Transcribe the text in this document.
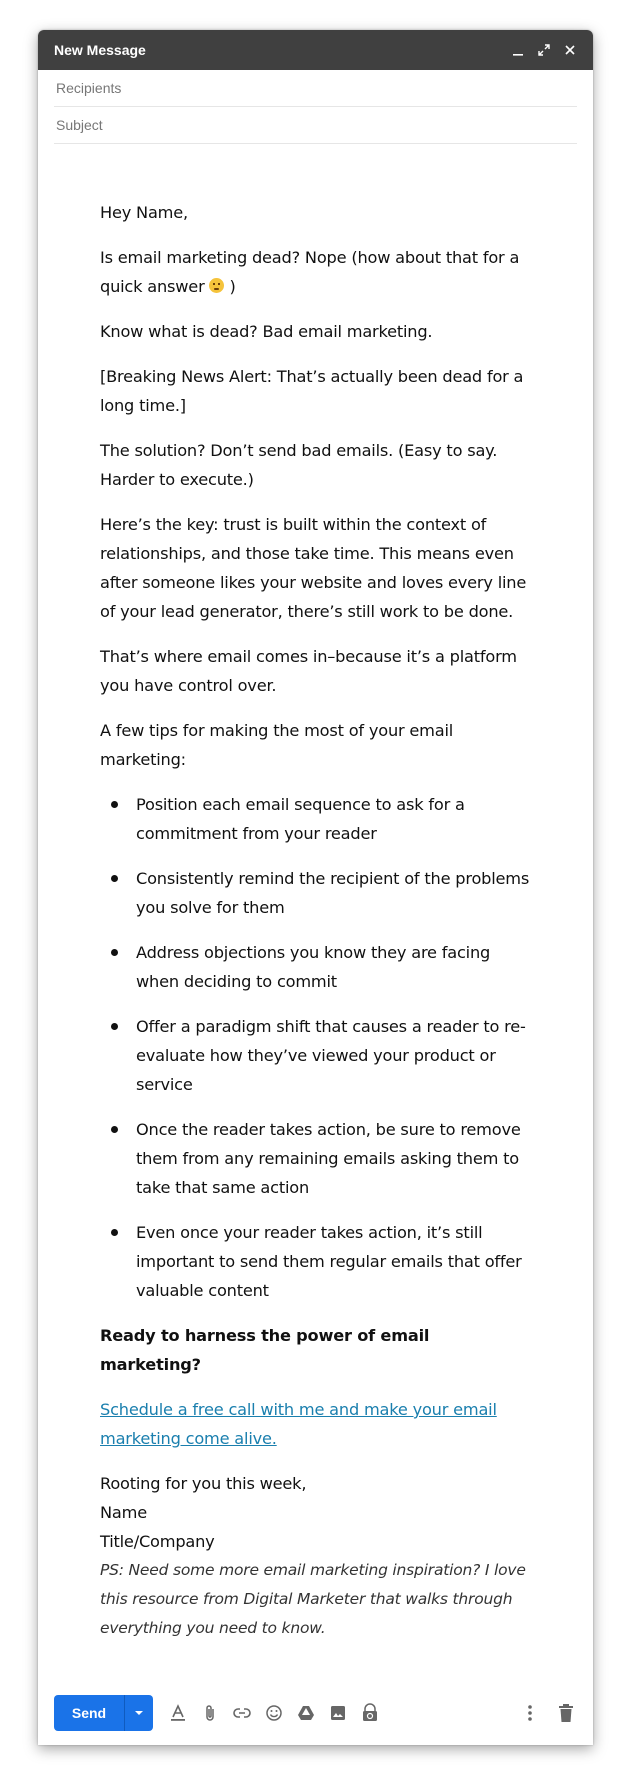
New Message
Recipients
Subject

Hey Name,

Is email marketing dead? Nope (how about that for a quick answer )

Know what is dead? Bad email marketing.

[Breaking News Alert: That’s actually been dead for a long time.]

The solution? Don’t send bad emails. (Easy to say. Harder to execute.)

Here’s the key: trust is built within the context of relationships, and those take time. This means even after someone likes your website and loves every line of your lead generator, there’s still work to be done.

That’s where email comes in–because it’s a platform you have control over.

A few tips for making the most of your email marketing:

Position each email sequence to ask for a commitment from your reader
Consistently remind the recipient of the problems you solve for them
Address objections you know they are facing when deciding to commit
Offer a paradigm shift that causes a reader to re-evaluate how they’ve viewed your product or service
Once the reader takes action, be sure to remove them from any remaining emails asking them to take that same action
Even once your reader takes action, it’s still important to send them regular emails that offer valuable content

Ready to harness the power of email marketing?

Schedule a free call with me and make your email marketing come alive.

Rooting for you this week,
Name
Title/Company

PS: Need some more email marketing inspiration? I love this resource from Digital Marketer that walks through everything you need to know.

Send
